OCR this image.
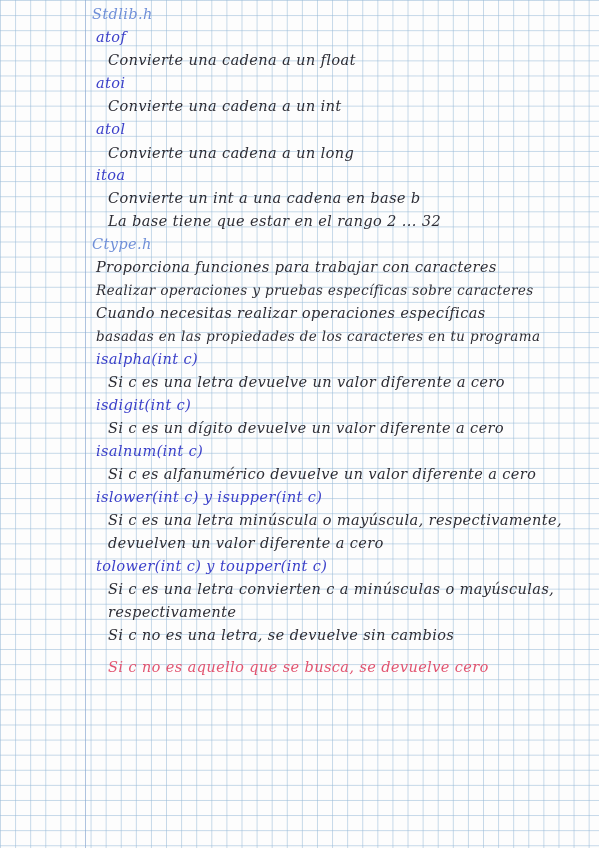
Stdlib.h
atof
Convierte una cadena a un float
atoi
Convierte una cadena a un int
atol
Convierte una cadena a un long
itoa
Convierte un int a una cadena en base b
La base tiene que estar en el rango 2 ... 32
Ctype.h
Proporciona funciones para trabajar con caracteres
Realizar operaciones y pruebas específicas sobre caracteres
Cuando necesitas realizar operaciones específicas
basadas en las propiedades de los caracteres en tu programa
isalpha(int c)
Si c es una letra devuelve un valor diferente a cero
isdigit(int c)
Si c es un dígito devuelve un valor diferente a cero
isalnum(int c)
Si c es alfanumérico devuelve un valor diferente a cero
islower(int c) y isupper(int c)
Si c es una letra minúscula o mayúscula, respectivamente,
devuelven un valor diferente a cero
tolower(int c) y toupper(int c)
Si c es una letra convierten c a minúsculas o mayúsculas,
respectivamente
Si c no es una letra, se devuelve sin cambios
Si c no es aquello que se busca, se devuelve cero
